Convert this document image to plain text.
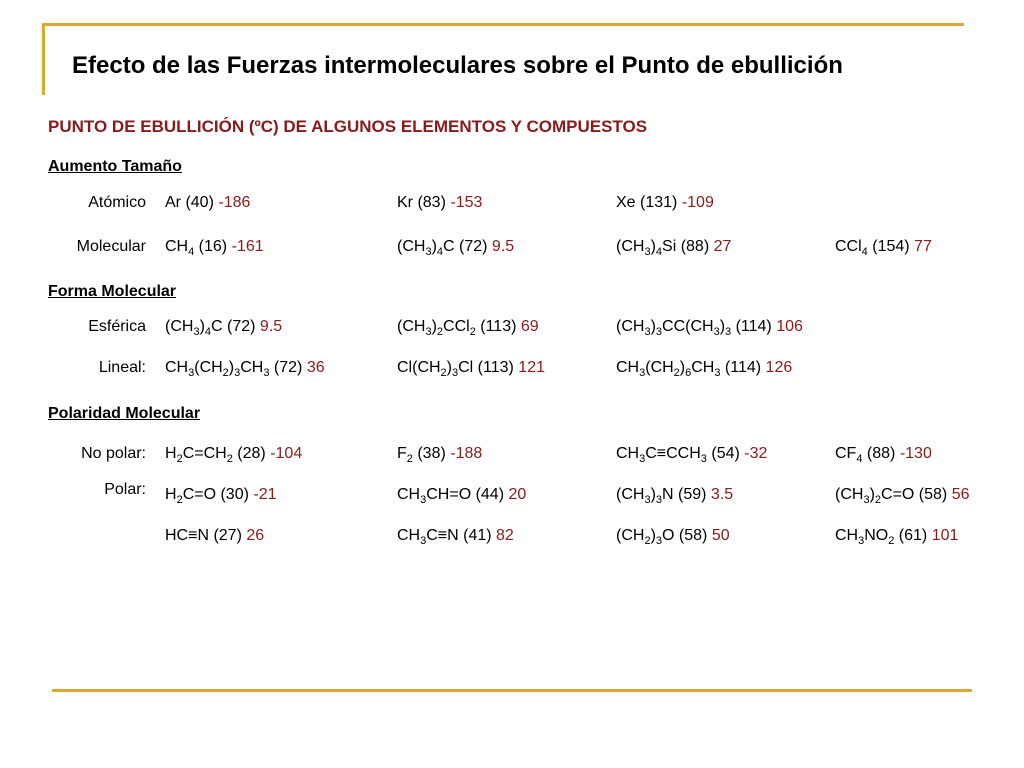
Efecto de las Fuerzas intermoleculares sobre el Punto de ebullición
PUNTO DE EBULLICIÓN (ºC) DE ALGUNOS ELEMENTOS Y COMPUESTOS
Aumento Tamaño
Atómico Ar (40) -186	Kr (83) -153	Xe (131) -109
Molecular $CH_4$ (16) -161	$(CH_3)_4C$ (72) 9.5	$(CH_3)_4Si$ (88) 27	CCl$_4$ (154) 77
Forma Molecular
Esférica $(CH_3)_4C$ (72) 9.5	$(CH_3)_2CCl_2$ (113) 69	$(CH_3)_3CC(CH_3)_3$ (114) 106
Lineal: $CH_3(CH_2)_3CH_3$ (72) 36	$Cl(CH_2)_3Cl$ (113) 121	$CH_3(CH_2)_6CH_3$ (114) 126
Polaridad Molecular
No polar: $H_2C=CH_2$ (28) -104	$F_2$ (38) -188	$CH_3C\equiv CCH_3$ (54) -32	$CF_4$ (88) -130
Polar: $H_2C=O$ (30) -21	$CH_3CH=O$ (44) 20	$(CH_3)_3N$ (59) 3.5	$(CH_3)_2C=O$ (58) 56
HC≡N (27) 26	$CH_3C\equiv N$ (41) 82	$(CH_2)_3O$ (58) 50	$CH_3NO_2$ (61) 101
